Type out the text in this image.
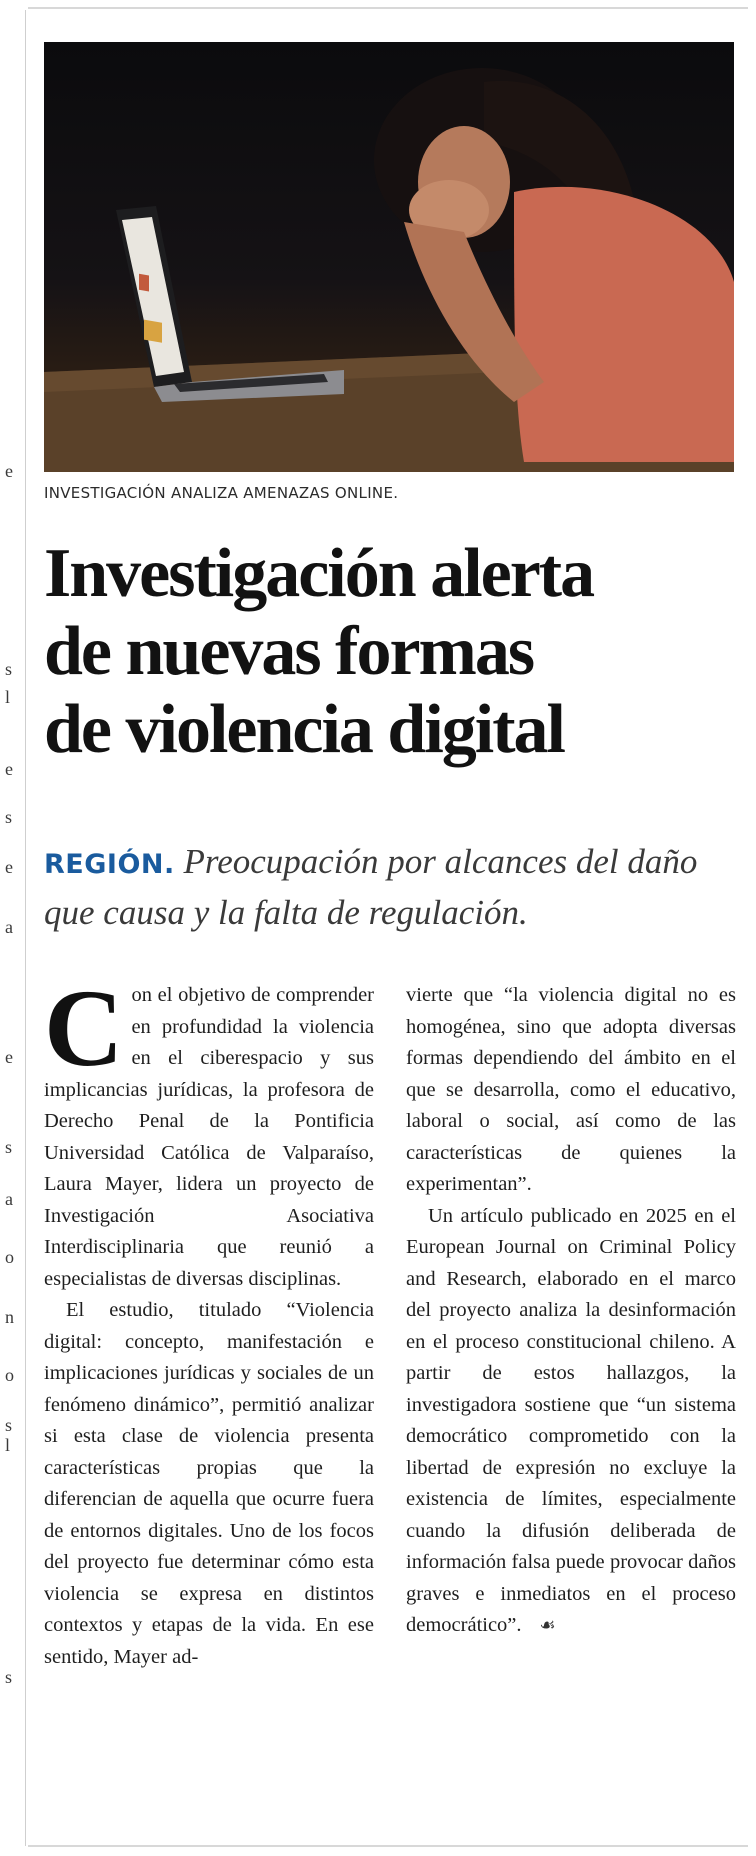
e
s
l
e
s
e
a
e
s
a
o
n
o
s
l
s
INVESTIGACIÓN ANALIZA AMENAZAS ONLINE.
Investigación alerta
de nuevas formas
de violencia digital
REGIÓN. Preocupación por alcances del daño que causa y la falta de regulación.

Con el objetivo de comprender en profundidad la violencia en el ciberespacio y sus implicancias jurídicas, la profesora de Derecho Penal de la Pontificia Universidad Católica de Valparaíso, Laura Mayer, lidera un proyecto de Investigación Asociativa Interdisciplinaria que reunió a especialistas de diversas disciplinas.

El estudio, titulado “Violencia digital: concepto, manifestación e implicaciones jurídicas y sociales de un fenómeno dinámico”, permitió analizar si esta clase de violencia presenta características propias que la diferencian de aquella que ocurre fuera de entornos digitales. Uno de los focos del proyecto fue determinar cómo esta violencia se expresa en distintos contextos y etapas de la vida. En ese sentido, Mayer ad-

vierte que “la violencia digital no es homogénea, sino que adopta diversas formas dependiendo del ámbito en el que se desarrolla, como el educativo, laboral o social, así como de las características de quienes la experimentan”.

Un artículo publicado en 2025 en el European Journal on Criminal Policy and Research, elaborado en el marco del proyecto analiza la desinformación en el proceso constitucional chileno. A partir de estos hallazgos, la investigadora sostiene que “un sistema democrático comprometido con la libertad de expresión no excluye la existencia de límites, especialmente cuando la difusión deliberada de información falsa puede provocar daños graves e inmediatos en el proceso democrático”. ☙
